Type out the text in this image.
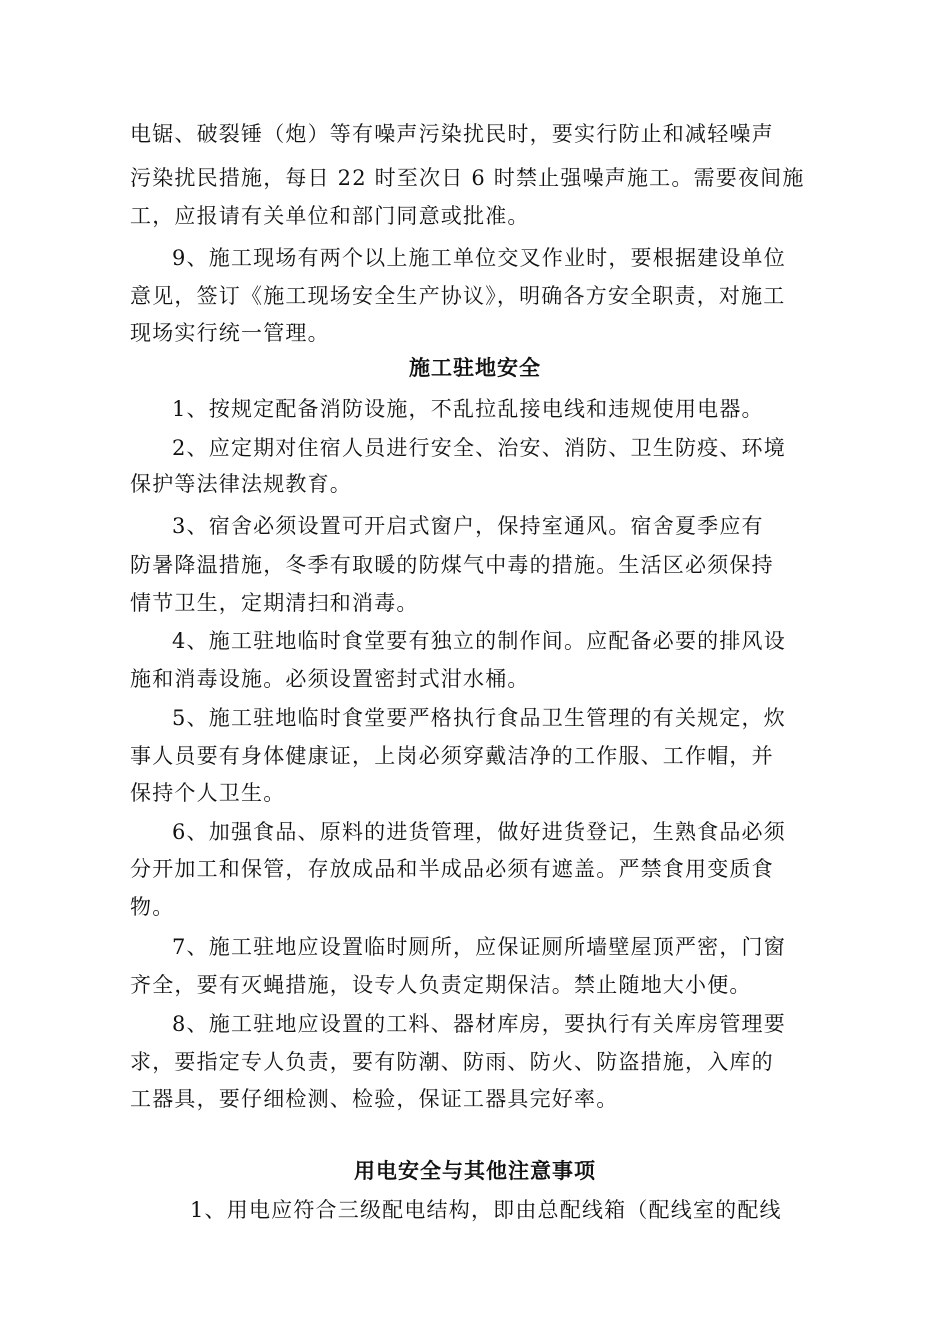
电锯、破裂锤（炮）等有噪声污染扰民时，要实行防止和减轻噪声
污染扰民措施，每日 22 时至次日 6 时禁止强噪声施工。需要夜间施
工，应报请有关单位和部门同意或批准。
9、施工现场有两个以上施工单位交叉作业时，要根据建设单位
意见，签订《施工现场安全生产协议》，明确各方安全职责，对施工
现场实行统一管理。
施工驻地安全
1、按规定配备消防设施，不乱拉乱接电线和违规使用电器。
2、应定期对住宿人员进行安全、治安、消防、卫生防疫、环境
保护等法律法规教育。
3、宿舍必须设置可开启式窗户，保持室通风。宿舍夏季应有
防暑降温措施，冬季有取暖的防煤气中毒的措施。生活区必须保持
情节卫生，定期清扫和消毒。
4、施工驻地临时食堂要有独立的制作间。应配备必要的排风设
施和消毒设施。必须设置密封式泔水桶。
5、施工驻地临时食堂要严格执行食品卫生管理的有关规定，炊
事人员要有身体健康证，上岗必须穿戴洁净的工作服、工作帽，并
保持个人卫生。
6、加强食品、原料的进货管理，做好进货登记，生熟食品必须
分开加工和保管，存放成品和半成品必须有遮盖。严禁食用变质食
物。
7、施工驻地应设置临时厕所，应保证厕所墙壁屋顶严密，门窗
齐全，要有灭蝇措施，设专人负责定期保洁。禁止随地大小便。
8、施工驻地应设置的工料、器材库房，要执行有关库房管理要
求，要指定专人负责，要有防潮、防雨、防火、防盗措施，入库的
工器具，要仔细检测、检验，保证工器具完好率。
用电安全与其他注意事项
1、用电应符合三级配电结构，即由总配线箱（配线室的配线
